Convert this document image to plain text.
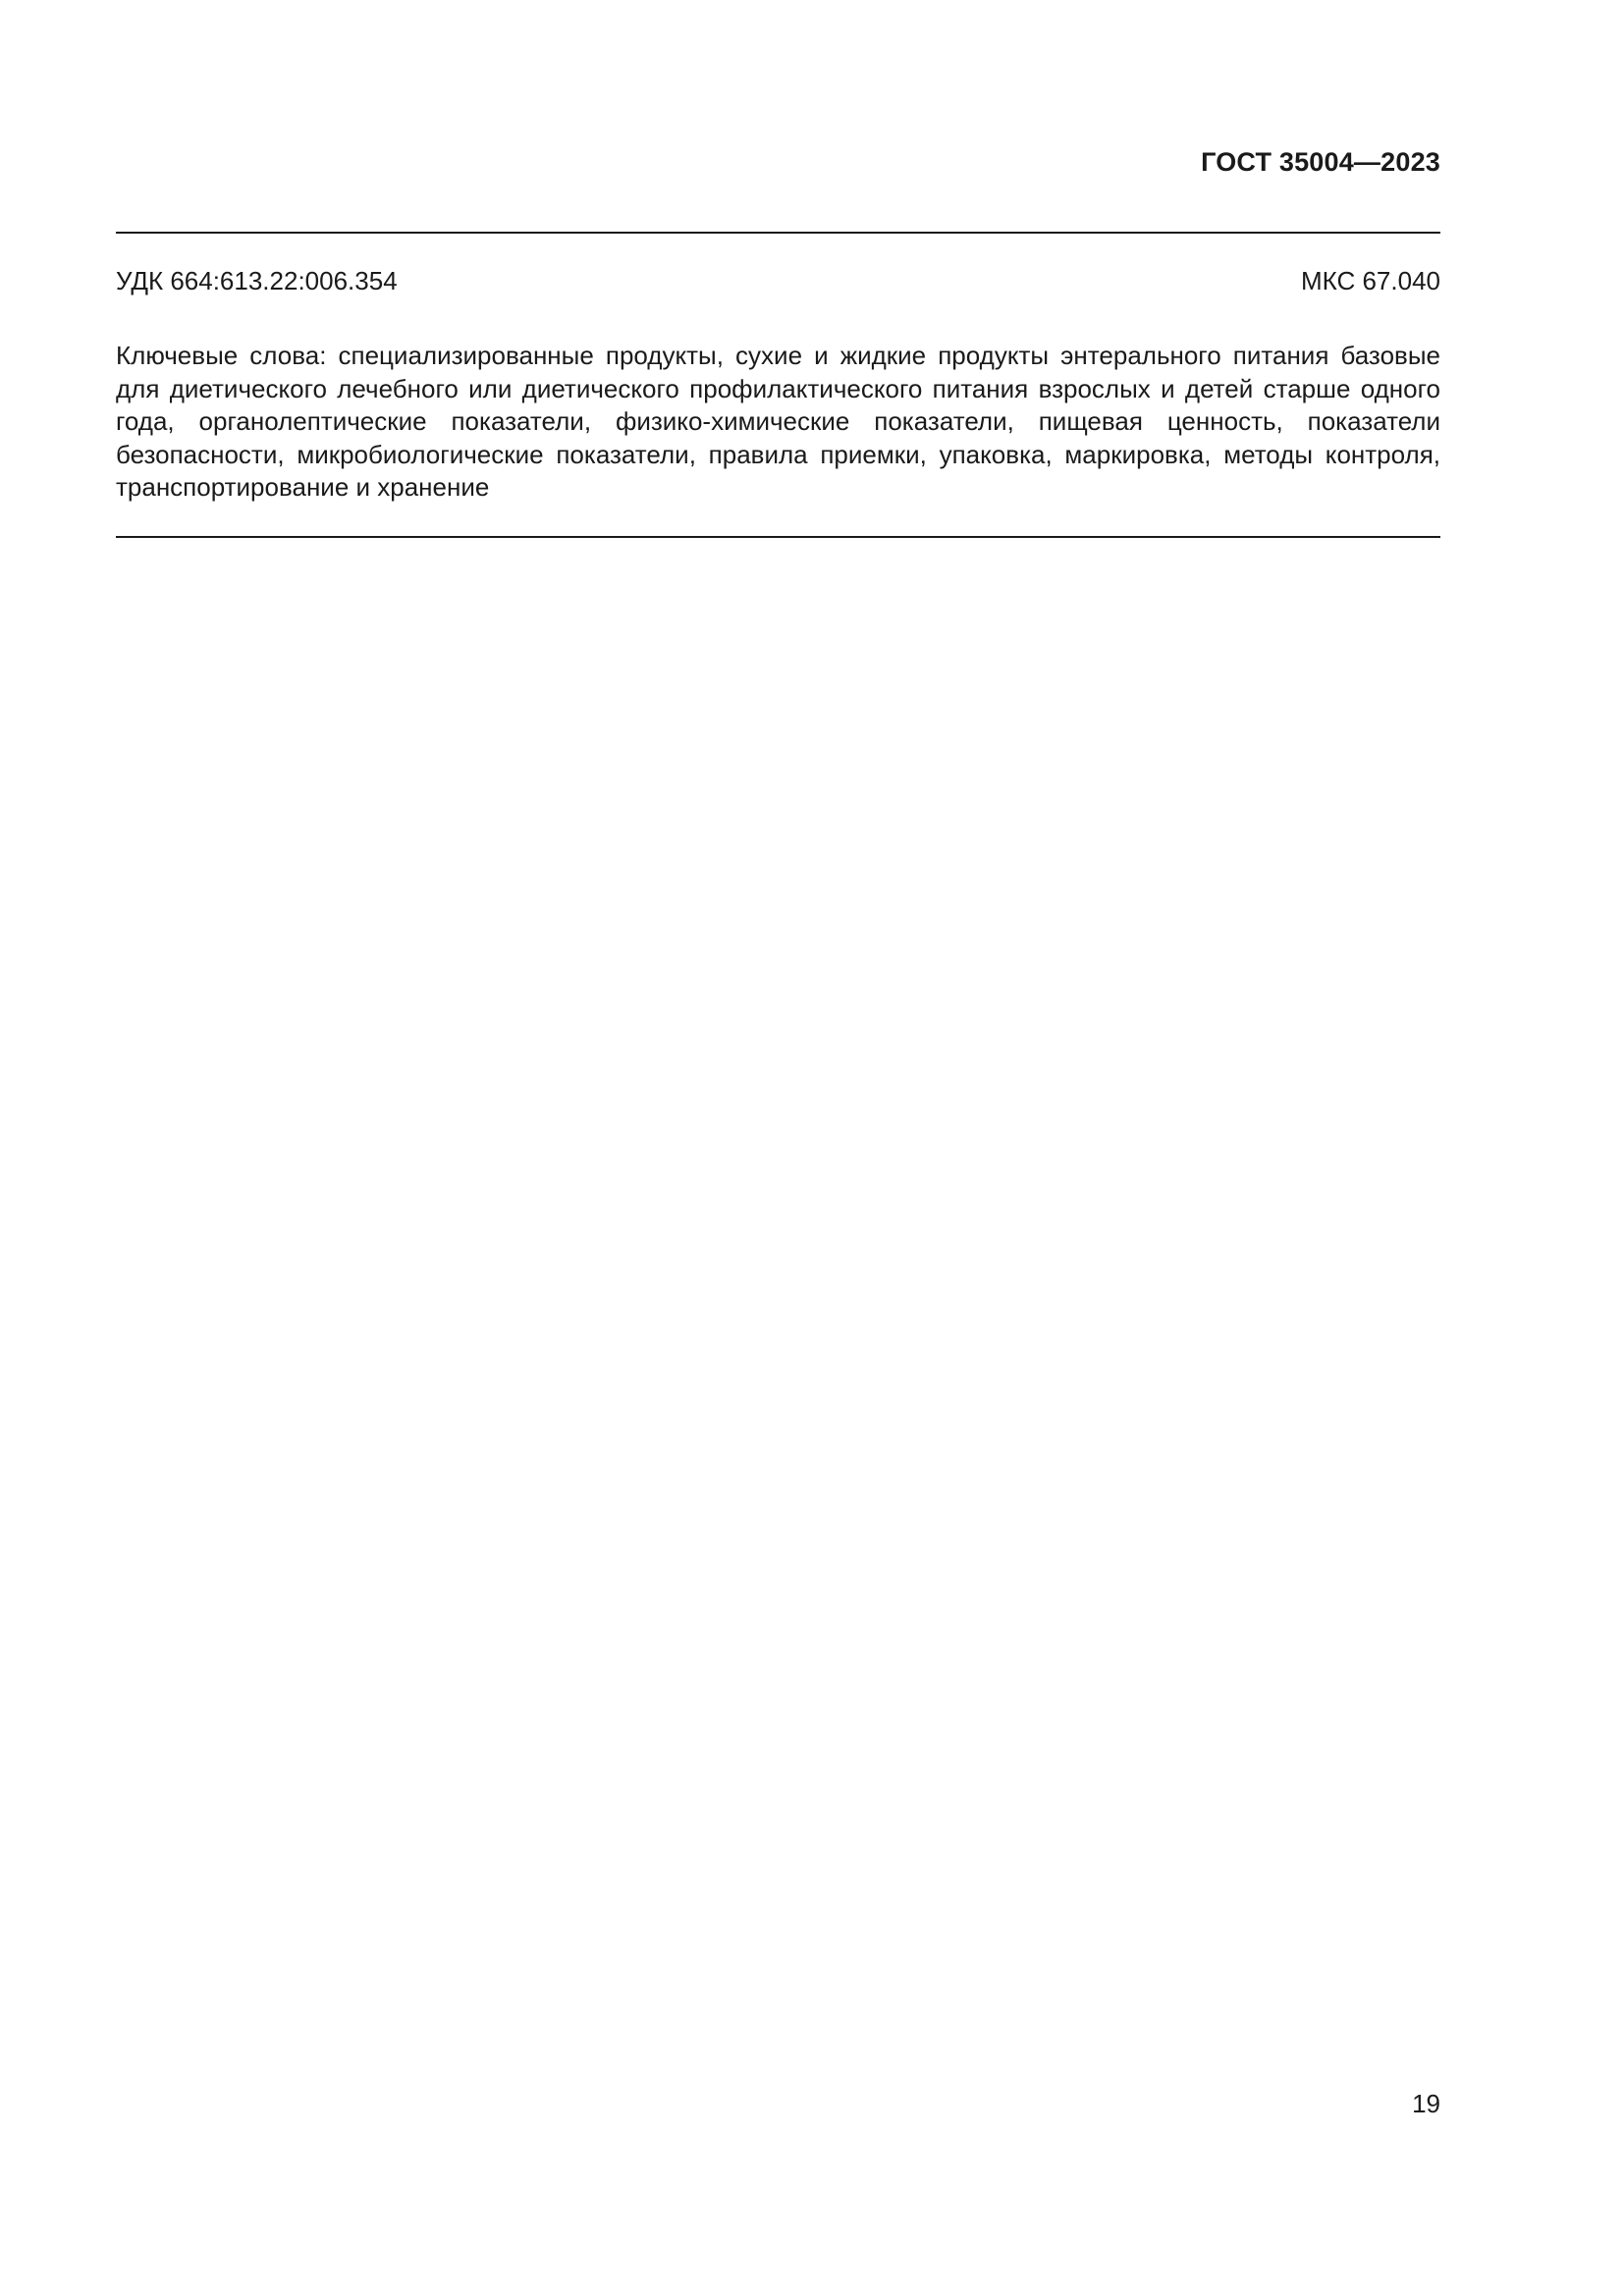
ГОСТ 35004—2023
УДК 664:613.22:006.354	МКС 67.040

Ключевые слова: специализированные продукты, сухие и жидкие продукты энтерального питания базовые для диетического лечебного или диетического профилактического питания взрослых и детей старше одного года, органолептические показатели, физико-химические показатели, пищевая ценность, показатели безопасности, микробиологические показатели, правила приемки, упаковка, маркировка, методы контроля, транспортирование и хранение

19
